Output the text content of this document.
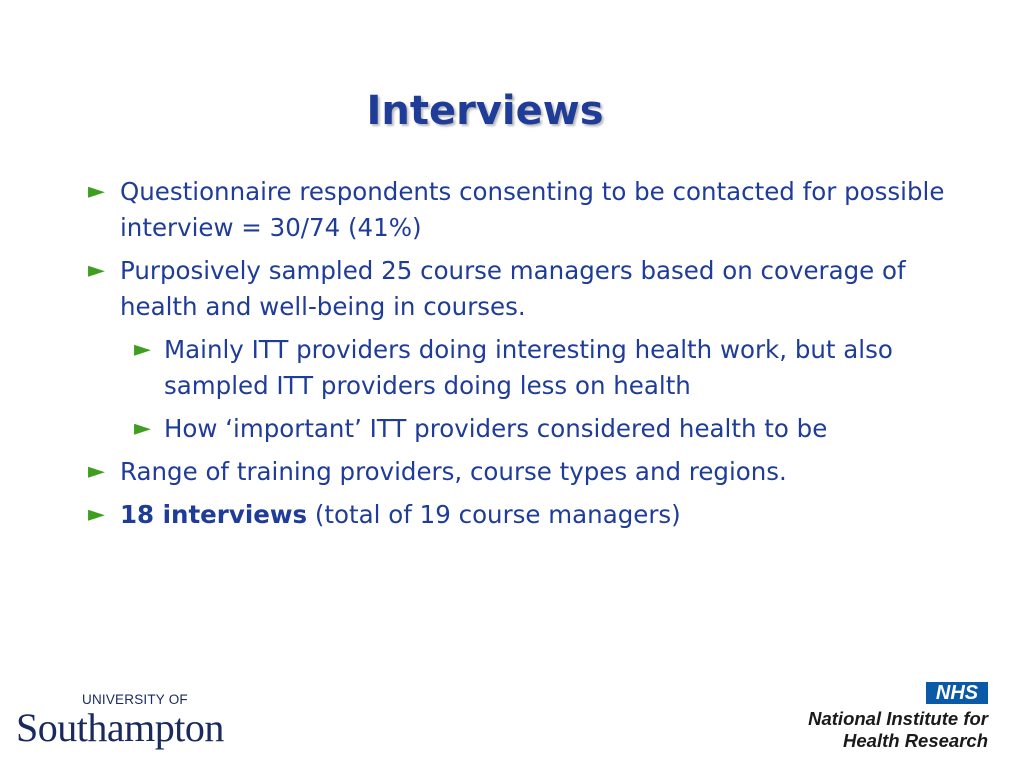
Interviews
► Questionnaire respondents consenting to be contacted for possible interview = 30/74 (41%)
► Purposively sampled 25 course managers based on coverage of health and well-being in courses.
► Mainly ITT providers doing interesting health work, but also sampled ITT providers doing less on health
► How ‘important’ ITT providers considered health to be
► Range of training providers, course types and regions.
► 18 interviews (total of 19 course managers)
UNIVERSITY OF
Southampton
NHS
National Institute for
Health Research
